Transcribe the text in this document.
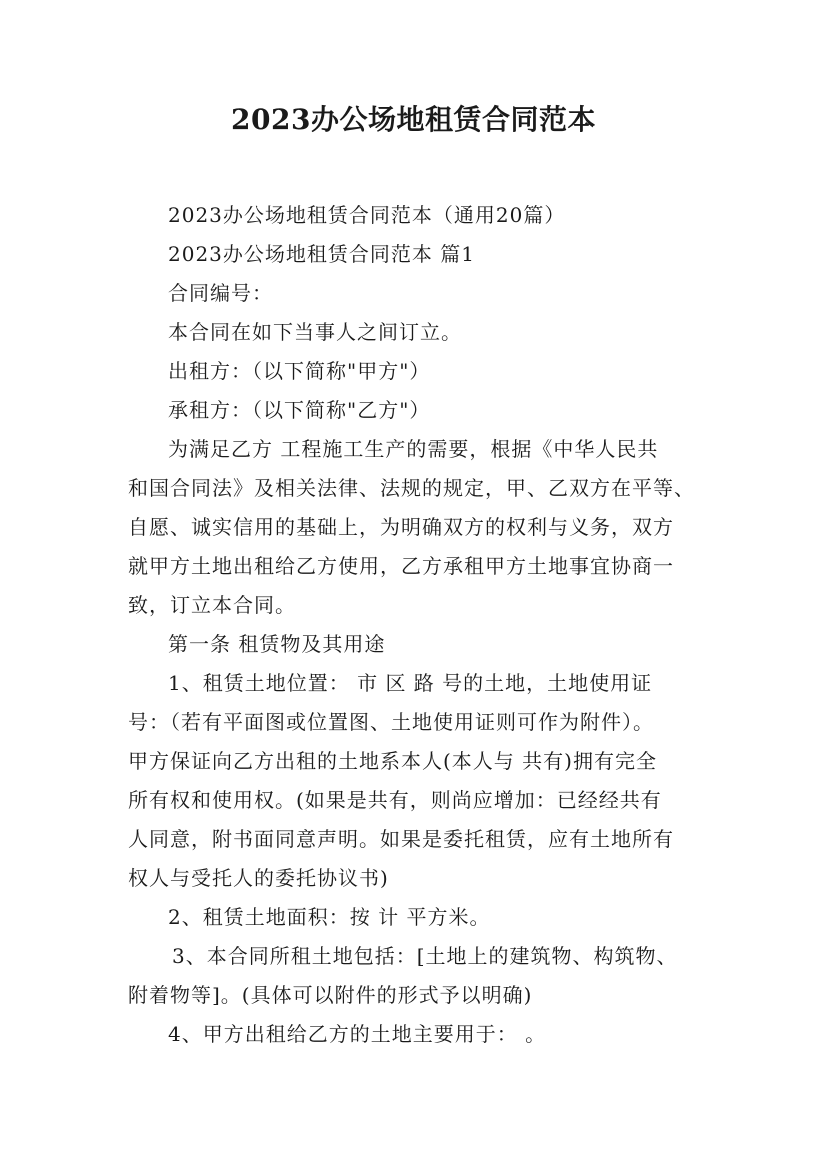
2023办公场地租赁合同范本
2023办公场地租赁合同范本（通用20篇）
2023办公场地租赁合同范本 篇1
合同编号：
本合同在如下当事人之间订立。
出租方：（以下简称"甲方"）
承租方：（以下简称"乙方"）
为满足乙方 工程施工生产的需要，根据《中华人民共
和国合同法》及相关法律、法规的规定，甲、乙双方在平等、
自愿、诚实信用的基础上，为明确双方的权利与义务，双方
就甲方土地出租给乙方使用，乙方承租甲方土地事宜协商一
致，订立本合同。
第一条 租赁物及其用途
1、租赁土地位置： 市 区 路 号的土地，土地使用证
号：（若有平面图或位置图、土地使用证则可作为附件）。
甲方保证向乙方出租的土地系本人(本人与 共有)拥有完全
所有权和使用权。(如果是共有，则尚应增加：已经经共有
人同意，附书面同意声明。如果是委托租赁，应有土地所有
权人与受托人的委托协议书)
2、租赁土地面积：按 计 平方米。
3、本合同所租土地包括：[土地上的建筑物、构筑物、
附着物等]。(具体可以附件的形式予以明确)
4、甲方出租给乙方的土地主要用于： 。
